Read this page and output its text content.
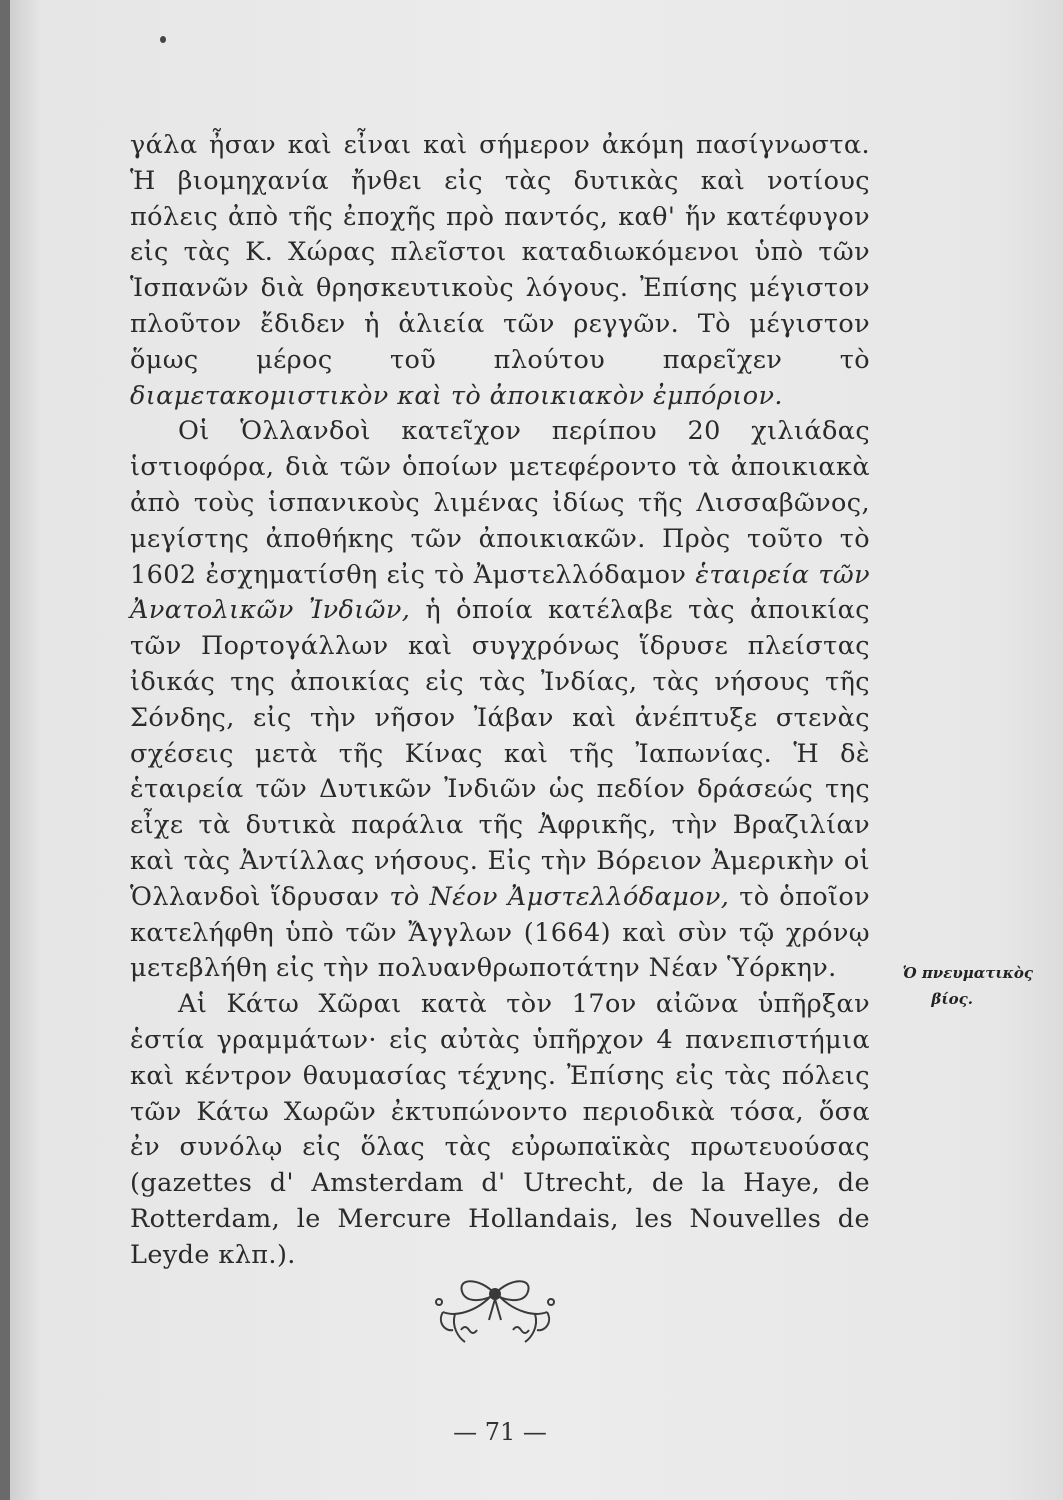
γάλα ἦσαν καὶ εἶναι καὶ σήμερον ἀκόμη πασίγνωστα. Ἡ βιομηχανία ἤνθει εἰς τὰς δυτικὰς καὶ νοτίους πόλεις ἀπὸ τῆς ἐποχῆς πρὸ παντός, καθ' ἥν κατέφυγον εἰς τὰς Κ. Χώρας πλεῖστοι καταδιωκόμενοι ὑπὸ τῶν Ἱσπανῶν διὰ θρησκευτικοὺς λόγους. Ἐπίσης μέγιστον πλοῦτον ἔδιδεν ἡ ἁλιεία τῶν ρεγγῶν. Τὸ μέγιστον ὅμως μέρος τοῦ πλούτου παρεῖχεν τὸ διαμετακομιστικὸν καὶ τὸ ἀποικιακὸν ἐμπόριον.

Οἱ Ὁλλανδοὶ κατεῖχον περίπου 20 χιλιάδας ἱστιοφόρα, διὰ τῶν ὁποίων μετεφέροντο τὰ ἀποικιακὰ ἀπὸ τοὺς ἱσπανικοὺς λιμένας ἰδίως τῆς Λισσαβῶνος, μεγίστης ἀποθήκης τῶν ἀποικιακῶν. Πρὸς τοῦτο τὸ 1602 ἐσχηματίσθη εἰς τὸ Ἀμστελλόδαμον ἑταιρεία τῶν Ἀνατολικῶν Ἰνδιῶν, ἡ ὁποία κατέλαβε τὰς ἀποικίας τῶν Πορτογάλλων καὶ συγχρόνως ἵδρυσε πλείστας ἰδικάς της ἀποικίας εἰς τὰς Ἰνδίας, τὰς νήσους τῆς Σόνδης, εἰς τὴν νῆσον Ἰάβαν καὶ ἀνέπτυξε στενὰς σχέσεις μετὰ τῆς Κίνας καὶ τῆς Ἰαπωνίας. Ἡ δὲ ἑταιρεία τῶν Δυτικῶν Ἰνδιῶν ὡς πεδίον δράσεώς της εἶχε τὰ δυτικὰ παράλια τῆς Ἀφρικῆς, τὴν Βραζιλίαν καὶ τὰς Ἀντίλλας νήσους. Εἰς τὴν Βόρειον Ἀμερικὴν οἱ Ὁλλανδοὶ ἵδρυσαν τὸ Νέον Ἀμστελλόδαμον, τὸ ὁποῖον κατελήφθη ὑπὸ τῶν Ἄγγλων (1664) καὶ σὺν τῷ χρόνῳ μετεβλήθη εἰς τὴν πολυανθρωποτάτην Νέαν Ὑόρκην.

Αἱ Κάτω Χῶραι κατὰ τὸν 17ον αἰῶνα ὑπῆρξαν ἑστία γραμμάτων· εἰς αὐτὰς ὑπῆρχον 4 πανεπιστήμια καὶ κέντρον θαυμασίας τέχνης. Ἐπίσης εἰς τὰς πόλεις τῶν Κάτω Χωρῶν ἐκτυπώνοντο περιοδικὰ τόσα, ὅσα ἐν συνόλῳ εἰς ὅλας τὰς εὐρωπαϊκὰς πρωτευούσας (gazettes d' Amsterdam d' Utrecht, de la Haye, de Rotterdam, le Mercure Hollandais, les Nouvelles de Leyde κλπ.).

Ὁ πνευματικὸς
βίος.
— 71 —
